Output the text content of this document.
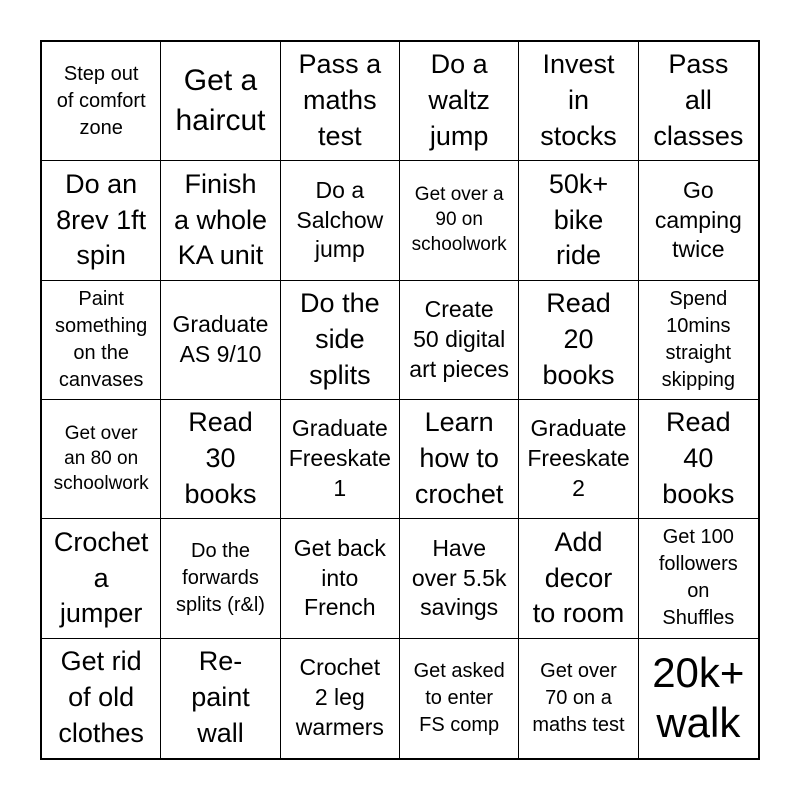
Step out
of comfort
zone
Get a
haircut
Pass a
maths
test
Do a
waltz
jump
Invest
in
stocks
Pass
all
classes
Do an
8rev 1ft
spin
Finish
a whole
KA unit
Do a
Salchow
jump
Get over a
90 on
schoolwork
50k+
bike
ride
Go
camping
twice
Paint
something
on the
canvases
Graduate
AS 9/10
Do the
side
splits
Create
50 digital
art pieces
Read
20
books
Spend
10mins
straight
skipping
Get over
an 80 on
schoolwork
Read
30
books
Graduate
Freeskate
1
Learn
how to
crochet
Graduate
Freeskate
2
Read
40
books
Crochet
a
jumper
Do the
forwards
splits (r&l)
Get back
into
French
Have
over 5.5k
savings
Add
decor
to room
Get 100
followers
on
Shuffles
Get rid
of old
clothes
Re-
paint
wall
Crochet
2 leg
warmers
Get asked
to enter
FS comp
Get over
70 on a
maths test
20k+
walk
